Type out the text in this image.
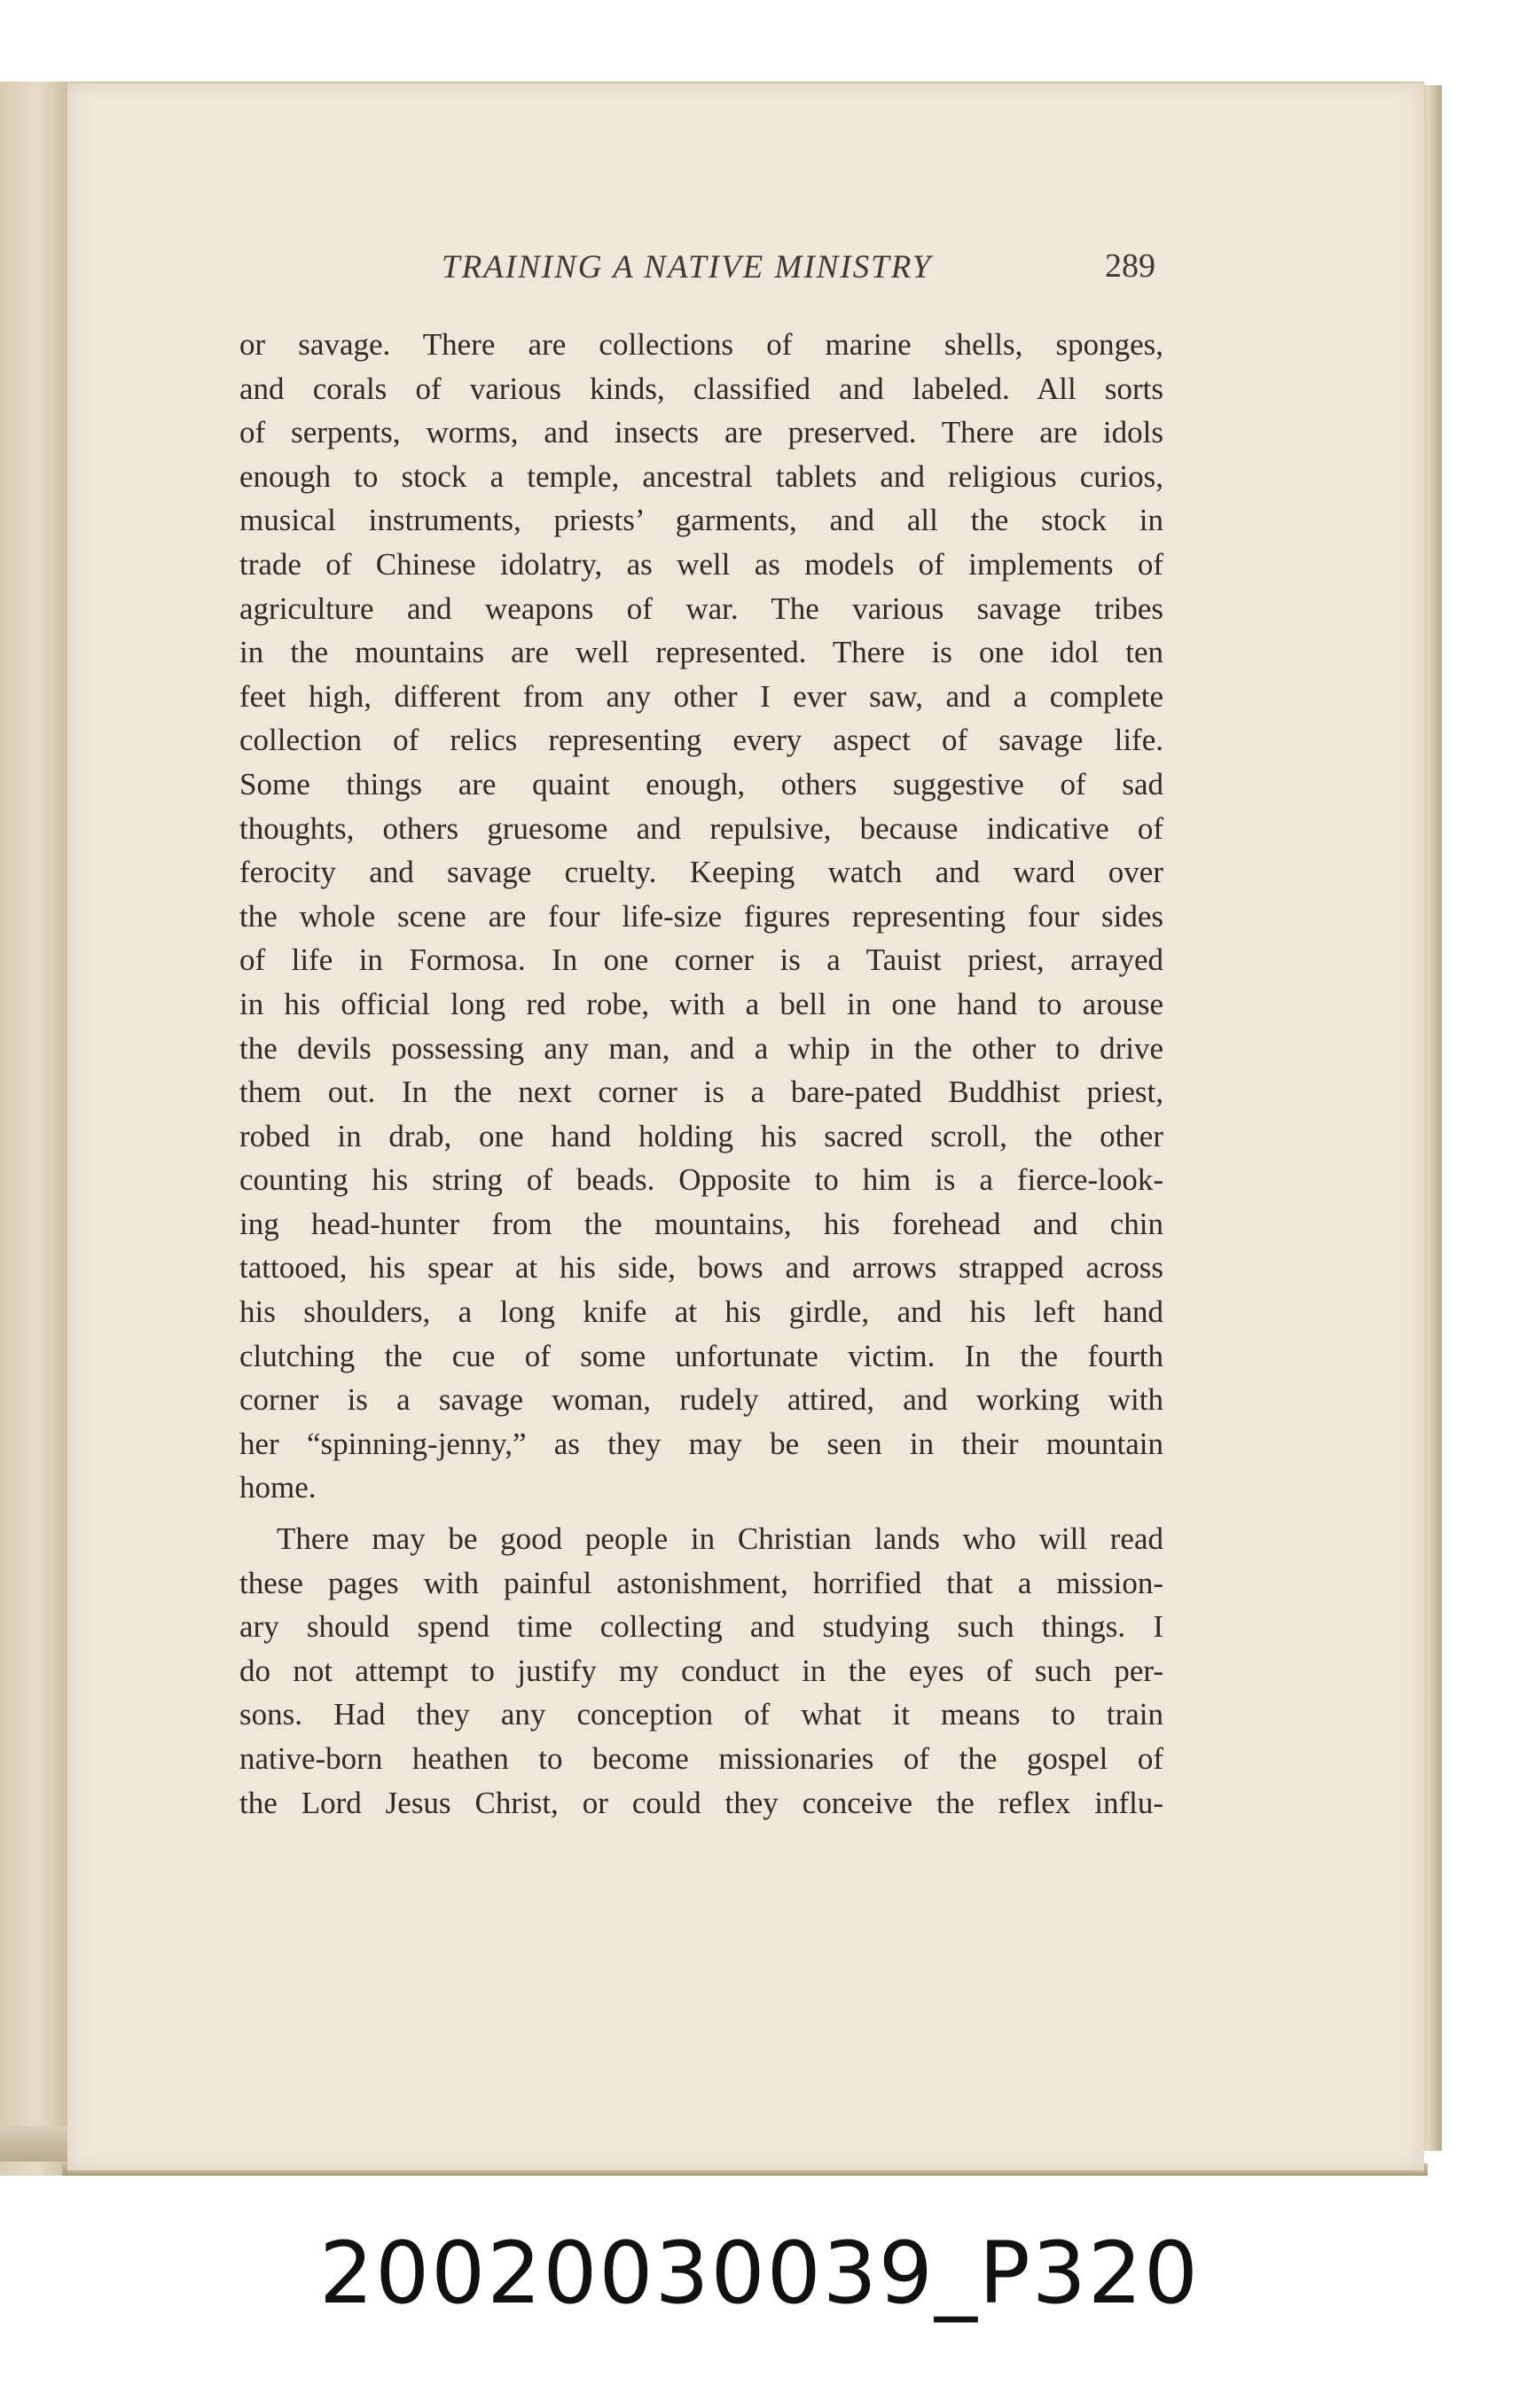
TRAINING A NATIVE MINISTRY	289
or savage. There are collections of marine shells, sponges,
and corals of various kinds, classified and labeled. All sorts
of serpents, worms, and insects are preserved. There are idols
enough to stock a temple, ancestral tablets and religious curios,
musical instruments, priests’ garments, and all the stock in
trade of Chinese idolatry, as well as models of implements of
agriculture and weapons of war. The various savage tribes
in the mountains are well represented. There is one idol ten
feet high, different from any other I ever saw, and a complete
collection of relics representing every aspect of savage life.
Some things are quaint enough, others suggestive of sad
thoughts, others gruesome and repulsive, because indicative of
ferocity and savage cruelty. Keeping watch and ward over
the whole scene are four life-size figures representing four sides
of life in Formosa. In one corner is a Tauist priest, arrayed
in his official long red robe, with a bell in one hand to arouse
the devils possessing any man, and a whip in the other to drive
them out. In the next corner is a bare-pated Buddhist priest,
robed in drab, one hand holding his sacred scroll, the other
counting his string of beads. Opposite to him is a fierce-look-
ing head-hunter from the mountains, his forehead and chin
tattooed, his spear at his side, bows and arrows strapped across
his shoulders, a long knife at his girdle, and his left hand
clutching the cue of some unfortunate victim. In the fourth
corner is a savage woman, rudely attired, and working with
her “spinning-jenny,” as they may be seen in their mountain
home.
There may be good people in Christian lands who will read
these pages with painful astonishment, horrified that a mission-
ary should spend time collecting and studying such things. I
do not attempt to justify my conduct in the eyes of such per-
sons. Had they any conception of what it means to train
native-born heathen to become missionaries of the gospel of
the Lord Jesus Christ, or could they conceive the reflex influ-
20020030039_P320
